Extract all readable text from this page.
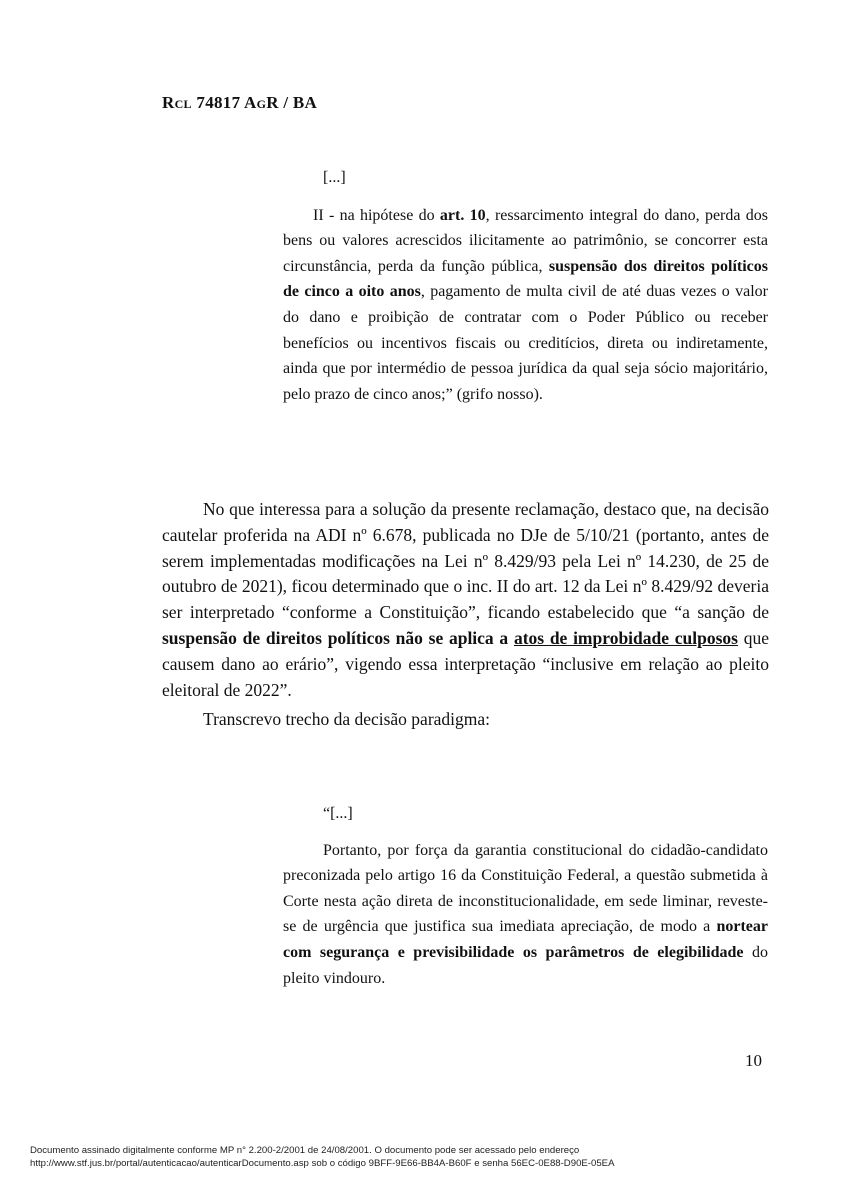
Rcl 74817 AgR / BA

[...]

II - na hipótese do art. 10, ressarcimento integral do dano, perda dos bens ou valores acrescidos ilicitamente ao patrimônio, se concorrer esta circunstância, perda da função pública, suspensão dos direitos políticos de cinco a oito anos, pagamento de multa civil de até duas vezes o valor do dano e proibição de contratar com o Poder Público ou receber benefícios ou incentivos fiscais ou creditícios, direta ou indiretamente, ainda que por intermédio de pessoa jurídica da qual seja sócio majoritário, pelo prazo de cinco anos;” (grifo nosso).

No que interessa para a solução da presente reclamação, destaco que, na decisão cautelar proferida na ADI nº 6.678, publicada no DJe de 5/10/21 (portanto, antes de serem implementadas modificações na Lei nº 8.429/93 pela Lei nº 14.230, de 25 de outubro de 2021), ficou determinado que o inc. II do art. 12 da Lei nº 8.429/92 deveria ser interpretado “conforme a Constituição”, ficando estabelecido que “a sanção de suspensão de direitos políticos não se aplica a atos de improbidade culposos que causem dano ao erário”, vigendo essa interpretação “inclusive em relação ao pleito eleitoral de 2022”.

Transcrevo trecho da decisão paradigma:

“[...]

Portanto, por força da garantia constitucional do cidadão-candidato preconizada pelo artigo 16 da Constituição Federal, a questão submetida à Corte nesta ação direta de inconstitucionalidade, em sede liminar, reveste-se de urgência que justifica sua imediata apreciação, de modo a nortear com segurança e previsibilidade os parâmetros de elegibilidade do pleito vindouro.

10
Documento assinado digitalmente conforme MP n° 2.200-2/2001 de 24/08/2001. O documento pode ser acessado pelo endereço
http://www.stf.jus.br/portal/autenticacao/autenticarDocumento.asp sob o código 9BFF-9E66-BB4A-B60F e senha 56EC-0E88-D90E-05EA
